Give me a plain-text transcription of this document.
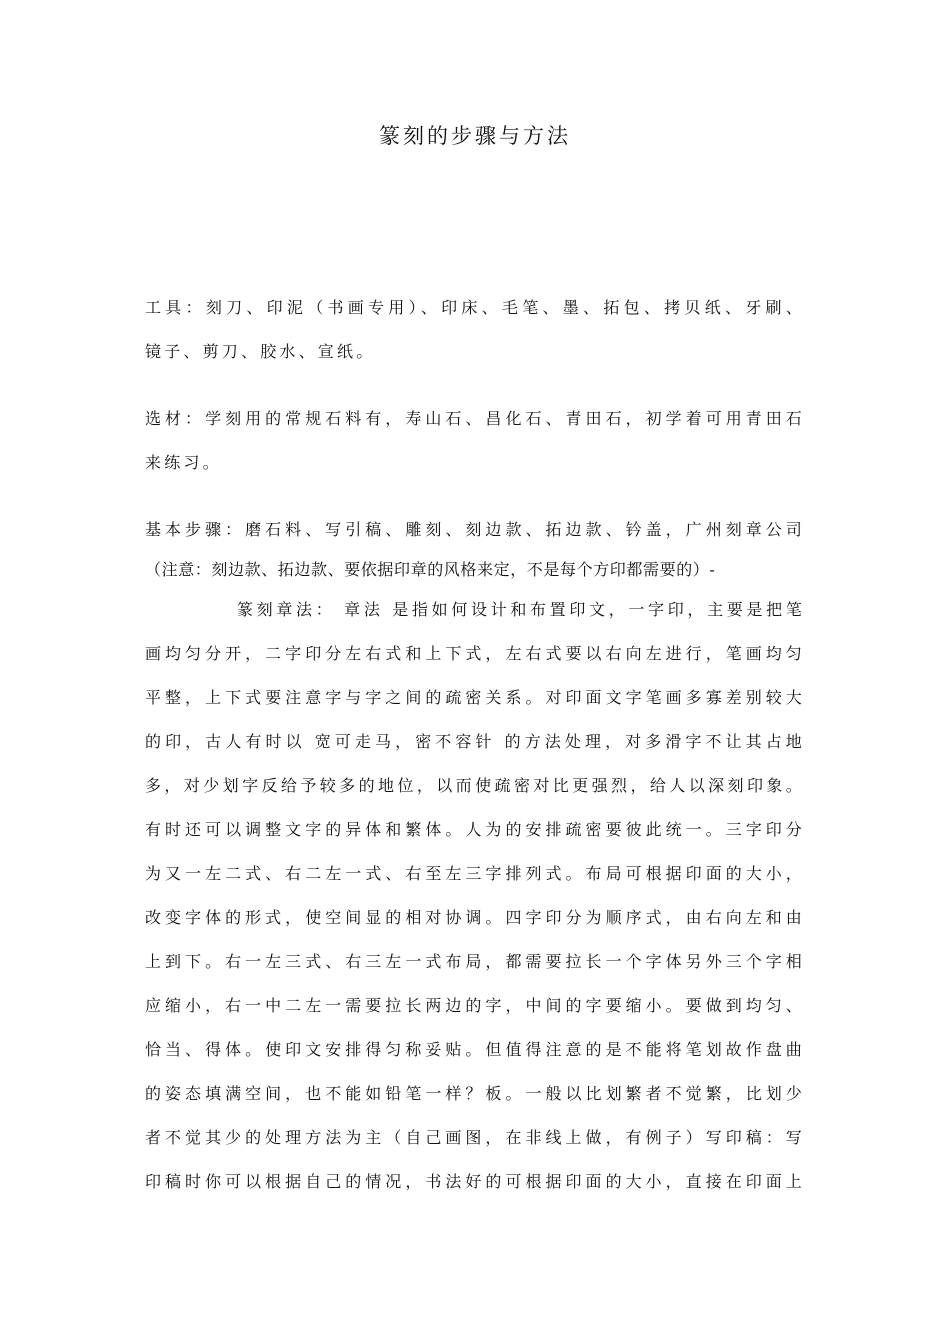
篆刻的步骤与方法
工具：刻刀、印泥（书画专用）、印床、毛笔、墨、拓包、拷贝纸、牙刷、
镜子、剪刀、胶水、宣纸。
选材：学刻用的常规石料有，寿山石、昌化石、青田石，初学着可用青田石
来练习。
基本步骤：磨石料、写引稿、雕刻、刻边款、拓边款、钤盖，广州刻章公司
（注意：刻边款、拓边款、要依据印章的风格来定，不是每个方印都需要的）-
篆刻章法： 章法 是指如何设计和布置印文，一字印，主要是把笔
画均匀分开，二字印分左右式和上下式，左右式要以右向左进行，笔画均匀
平整，上下式要注意字与字之间的疏密关系。对印面文字笔画多寡差别较大
的印，古人有时以 宽可走马，密不容针 的方法处理，对多滑字不让其占地
多，对少划字反给予较多的地位，以而使疏密对比更强烈，给人以深刻印象。
有时还可以调整文字的异体和繁体。人为的安排疏密要彼此统一。三字印分
为又一左二式、右二左一式、右至左三字排列式。布局可根据印面的大小，
改变字体的形式，使空间显的相对协调。四字印分为顺序式，由右向左和由
上到下。右一左三式、右三左一式布局，都需要拉长一个字体另外三个字相
应缩小，右一中二左一需要拉长两边的字，中间的字要缩小。要做到均匀、
恰当、得体。使印文安排得匀称妥贴。但值得注意的是不能将笔划故作盘曲
的姿态填满空间，也不能如铅笔一样？板。一般以比划繁者不觉繁，比划少
者不觉其少的处理方法为主（自己画图，在非线上做，有例子）写印稿：写
印稿时你可以根据自己的情况，书法好的可根据印面的大小，直接在印面上
